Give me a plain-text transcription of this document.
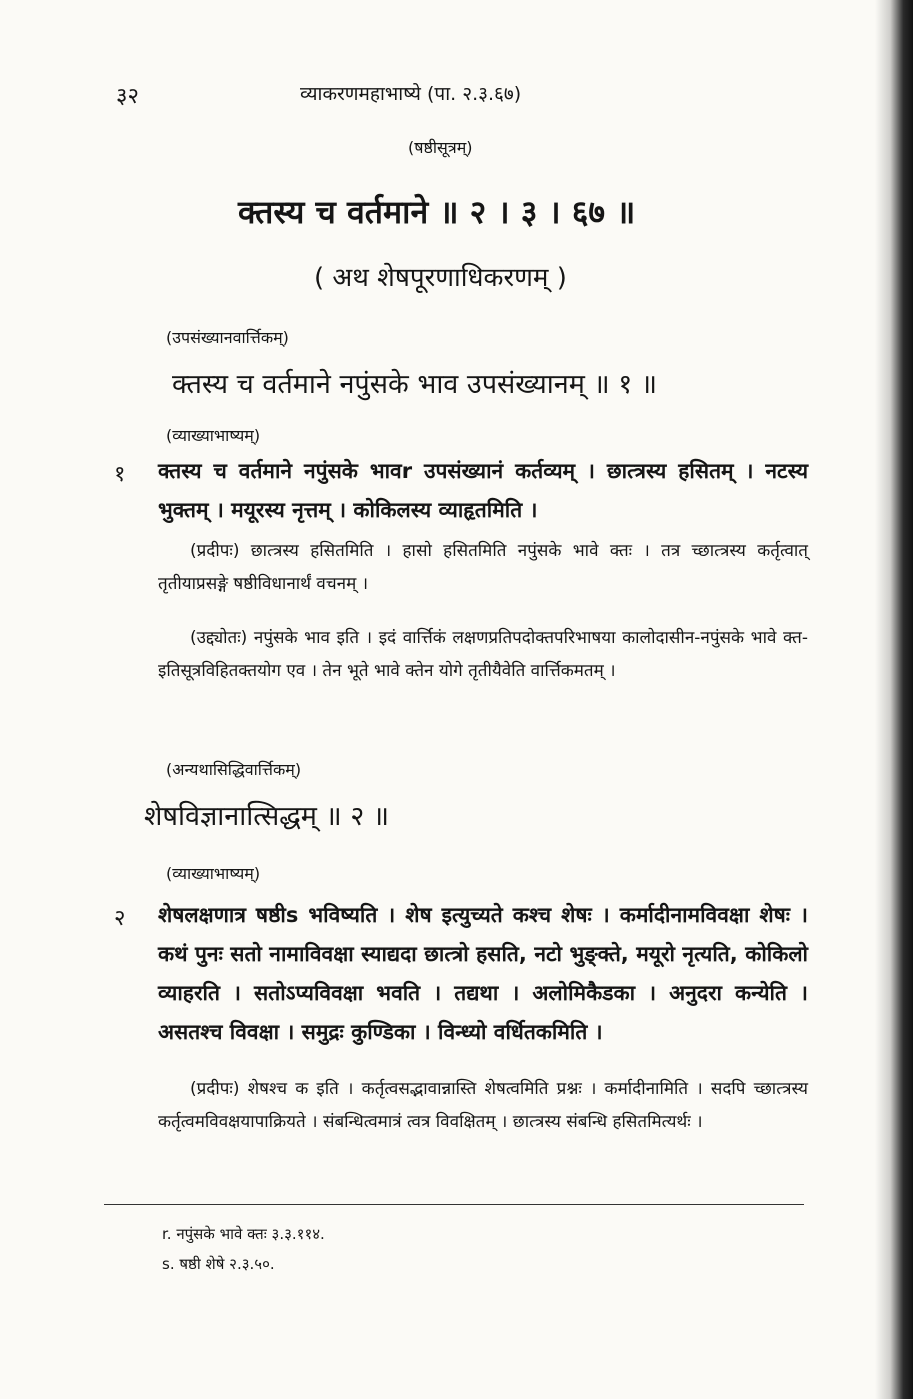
३२	व्याकरणमहाभाष्ये (पा. २.३.६७)
(षष्ठीसूत्रम्)
क्तस्य च वर्तमाने ॥ २ । ३ । ६७ ॥
( अथ शेषपूरणाधिकरणम् )
(उपसंख्यानवार्त्तिकम्)
क्तस्य च वर्तमाने नपुंसके भाव उपसंख्यानम् ॥ १ ॥
(व्याख्याभाष्यम्)
१ क्तस्य च वर्तमाने नपुंसके भावr उपसंख्यानं कर्तव्यम् । छात्त्रस्य हसितम् । नटस्य भुक्तम् । मयूरस्य नृत्तम् । कोकिलस्य व्याहृतमिति ।
(प्रदीपः) छात्त्रस्य हसितमिति । हासो हसितमिति नपुंसके भावे क्तः । तत्र च्छात्त्रस्य कर्तृत्वात् तृतीयाप्रसङ्गे षष्ठीविधानार्थं वचनम् ।
(उद्द्योतः) नपुंसके भाव इति । इदं वार्त्तिकं लक्षणप्रतिपदोक्तपरिभाषया कालोदासीन-नपुंसके भावे क्त-इतिसूत्रविहितक्तयोग एव । तेन भूते भावे क्तेन योगे तृतीयैवेति वार्त्तिकमतम् ।
(अन्यथासिद्धिवार्त्तिकम्)
शेषविज्ञानात्सिद्धम् ॥ २ ॥
(व्याख्याभाष्यम्)
२ शेषलक्षणात्र षष्ठीs भविष्यति । शेष इत्युच्यते कश्च शेषः । कर्मादीनामविवक्षा शेषः । कथं पुनः सतो नामाविवक्षा स्याद्यदा छात्त्रो हसति, नटो भुङ्क्ते, मयूरो नृत्यति, कोकिलो व्याहरति । सतोऽप्यविवक्षा भवति । तद्यथा । अलोमिकैडका । अनुदरा कन्येति । असतश्च विवक्षा । समुद्रः कुण्डिका । विन्ध्यो वर्धितकमिति ।
(प्रदीपः) शेषश्च क इति । कर्तृत्वसद्भावान्नास्ति शेषत्वमिति प्रश्नः । कर्मादीनामिति । सदपि च्छात्त्रस्य कर्तृत्वमविवक्षयापाक्रियते । संबन्धित्वमात्रं त्वत्र विवक्षितम् । छात्त्रस्य संबन्धि हसितमित्यर्थः ।
r. नपुंसके भावे क्तः ३.३.११४.
s. षष्ठी शेषे २.३.५०.
